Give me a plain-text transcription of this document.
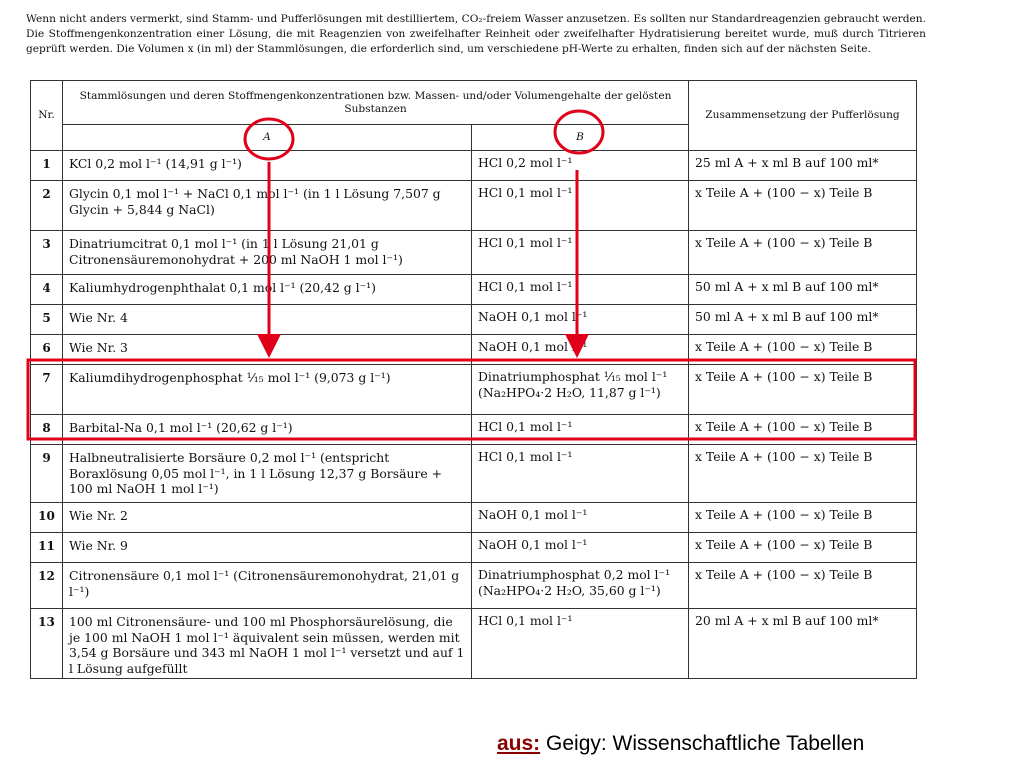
Wenn nicht anders vermerkt, sind Stamm- und Pufferlösungen mit destilliertem, CO₂-freiem Wasser anzusetzen. Es sollten nur Standardreagenzien gebraucht werden. Die Stoffmengenkonzentration einer Lösung, die mit Reagenzien von zweifelhafter Reinheit oder zweifelhafter Hydratisierung bereitet wurde, muß durch Titrieren geprüft werden. Die Volumen x (in ml) der Stammlösungen, die erforderlich sind, um verschiedene pH-Werte zu erhalten, finden sich auf der nächsten Seite.
Nr.	Stammlösungen und deren Stoffmengenkonzentrationen bzw. Massen- und/oder Volumengehalte der gelösten Substanzen		Zusammensetzung der Pufferlösung
	A	B	
1	KCl 0,2 mol l⁻¹ (14,91 g l⁻¹)	HCl 0,2 mol l⁻¹	25 ml A + x ml B auf 100 ml*
2	Glycin 0,1 mol l⁻¹ + NaCl 0,1 mol l⁻¹ (in 1 l Lösung 7,507 g Glycin + 5,844 g NaCl)	HCl 0,1 mol l⁻¹	x Teile A + (100 − x) Teile B
3	Dinatriumcitrat 0,1 mol l⁻¹ (in 1 l Lösung 21,01 g Citronensäuremonohydrat + 200 ml NaOH 1 mol l⁻¹)	HCl 0,1 mol l⁻¹	x Teile A + (100 − x) Teile B
4	Kaliumhydrogenphthalat 0,1 mol l⁻¹ (20,42 g l⁻¹)	HCl 0,1 mol l⁻¹	50 ml A + x ml B auf 100 ml*
5	Wie Nr. 4	NaOH 0,1 mol l⁻¹	50 ml A + x ml B auf 100 ml*
6	Wie Nr. 3	NaOH 0,1 mol l⁻¹	x Teile A + (100 − x) Teile B
7	Kaliumdihydrogenphosphat ¹⁄₁₅ mol l⁻¹ (9,073 g l⁻¹)	Dinatriumphosphat ¹⁄₁₅ mol l⁻¹ (Na₂HPO₄·2 H₂O, 11,87 g l⁻¹)	x Teile A + (100 − x) Teile B
8	Barbital-Na 0,1 mol l⁻¹ (20,62 g l⁻¹)	HCl 0,1 mol l⁻¹	x Teile A + (100 − x) Teile B
9	Halbneutralisierte Borsäure 0,2 mol l⁻¹ (entspricht Boraxlösung 0,05 mol l⁻¹, in 1 l Lösung 12,37 g Borsäure + 100 ml NaOH 1 mol l⁻¹)	HCl 0,1 mol l⁻¹	x Teile A + (100 − x) Teile B
10	Wie Nr. 2	NaOH 0,1 mol l⁻¹	x Teile A + (100 − x) Teile B
11	Wie Nr. 9	NaOH 0,1 mol l⁻¹	x Teile A + (100 − x) Teile B
12	Citronensäure 0,1 mol l⁻¹ (Citronensäuremonohydrat, 21,01 g l⁻¹)	Dinatriumphosphat 0,2 mol l⁻¹ (Na₂HPO₄·2 H₂O, 35,60 g l⁻¹)	x Teile A + (100 − x) Teile B
13	100 ml Citronensäure- und 100 ml Phosphorsäurelösung, die je 100 ml NaOH 1 mol l⁻¹ äquivalent sein müssen, werden mit 3,54 g Borsäure und 343 ml NaOH 1 mol l⁻¹ versetzt und auf 1 l Lösung aufgefüllt	HCl 0,1 mol l⁻¹	20 ml A + x ml B auf 100 ml*
aus: Geigy: Wissenschaftliche Tabellen
